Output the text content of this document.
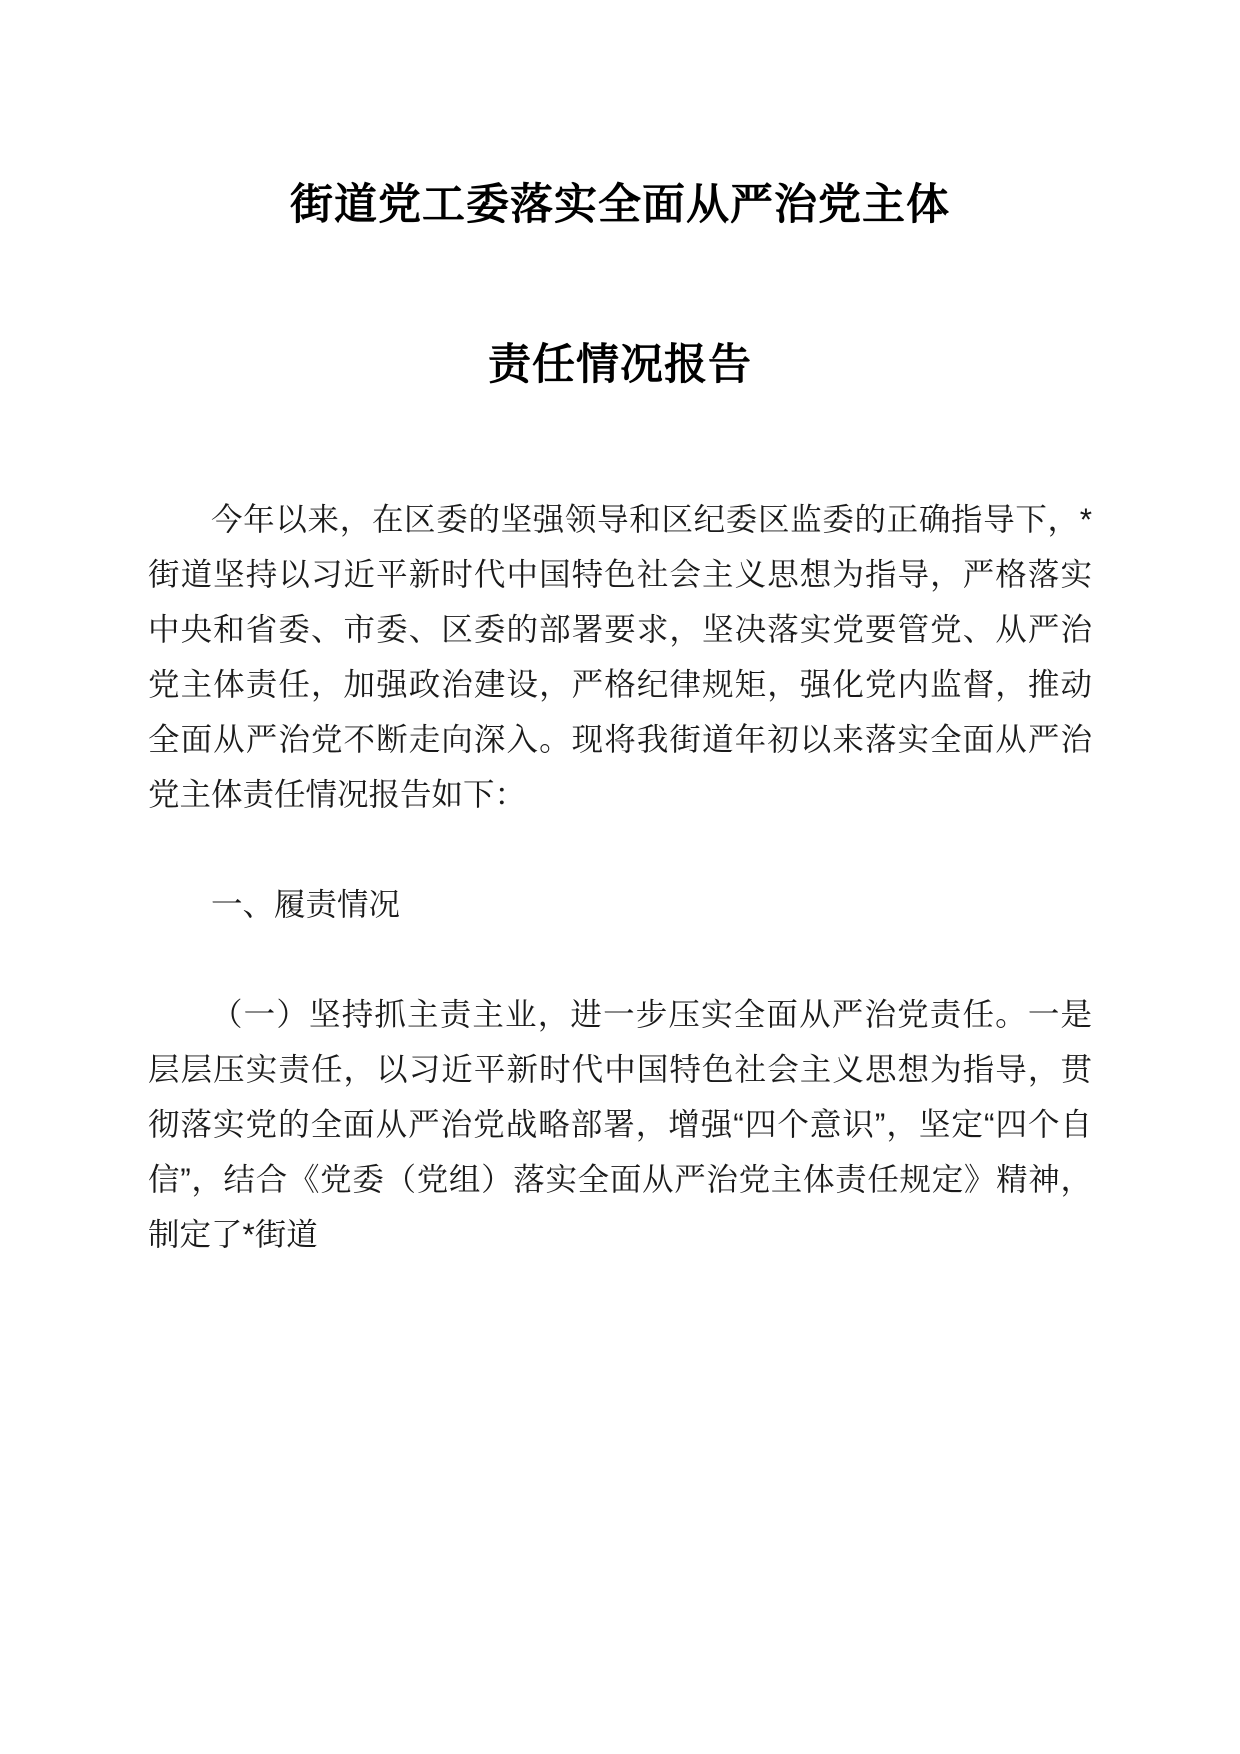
街道党工委落实全面从严治党主体
责任情况报告

今年以来，在区委的坚强领导和区纪委区监委的正确指导下，*街道坚持以习近平新时代中国特色社会主义思想为指导，严格落实中央和省委、市委、区委的部署要求，坚决落实党要管党、从严治党主体责任，加强政治建设，严格纪律规矩，强化党内监督，推动全面从严治党不断走向深入。现将我街道年初以来落实全面从严治党主体责任情况报告如下：

一、履责情况

（一）坚持抓主责主业，进一步压实全面从严治党责任。一是层层压实责任，以习近平新时代中国特色社会主义思想为指导，贯彻落实党的全面从严治党战略部署，增强“四个意识”，坚定“四个自信”，结合《党委（党组）落实全面从严治党主体责任规定》精神，制定了*街道
